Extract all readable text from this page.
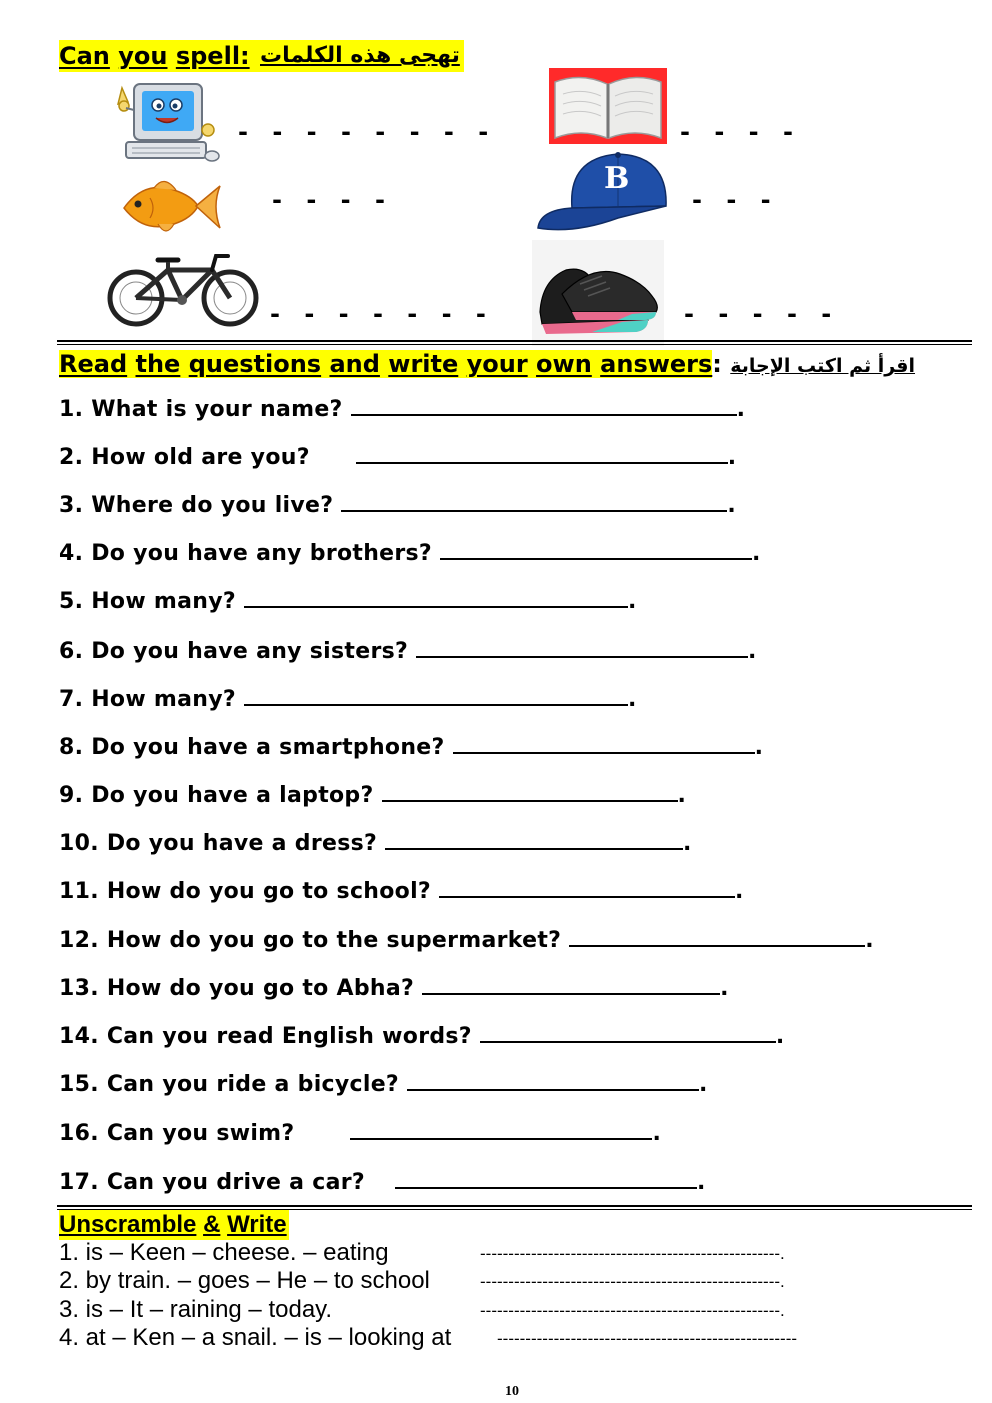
Can you spell: تهجى هذه الكلمات
- - - - - - - -	- - - -
- - - -
B
- - -
- - - - - - -	- - - - -
Read the questions and write your own answers: اقرأ ثم اكتب الإجابة
1. What is your name?	.
2. How old are you?	.
3. Where do you live?	.
4. Do you have any brothers?	.
5. How many?	.
6. Do you have any sisters?	.
7. How many?	.
8. Do you have a smartphone?	.
9. Do you have a laptop?	.
10. Do you have a dress?	.
11. How do you go to school?	.
12. How do you go to the supermarket?	.
13. How do you go to Abha?	.
14. Can you read English words?	.
15. Can you ride a bicycle?	.
16. Can you swim?	.
17. Can you drive a car?	.
Unscramble & Write
1. is – Keen – cheese. – eating	-----------------------------------------------------.
2. by train. – goes – He – to school	-----------------------------------------------------.
3. is – It – raining – today.	-----------------------------------------------------.
4. at – Ken – a snail. – is – looking at	-----------------------------------------------------
10
